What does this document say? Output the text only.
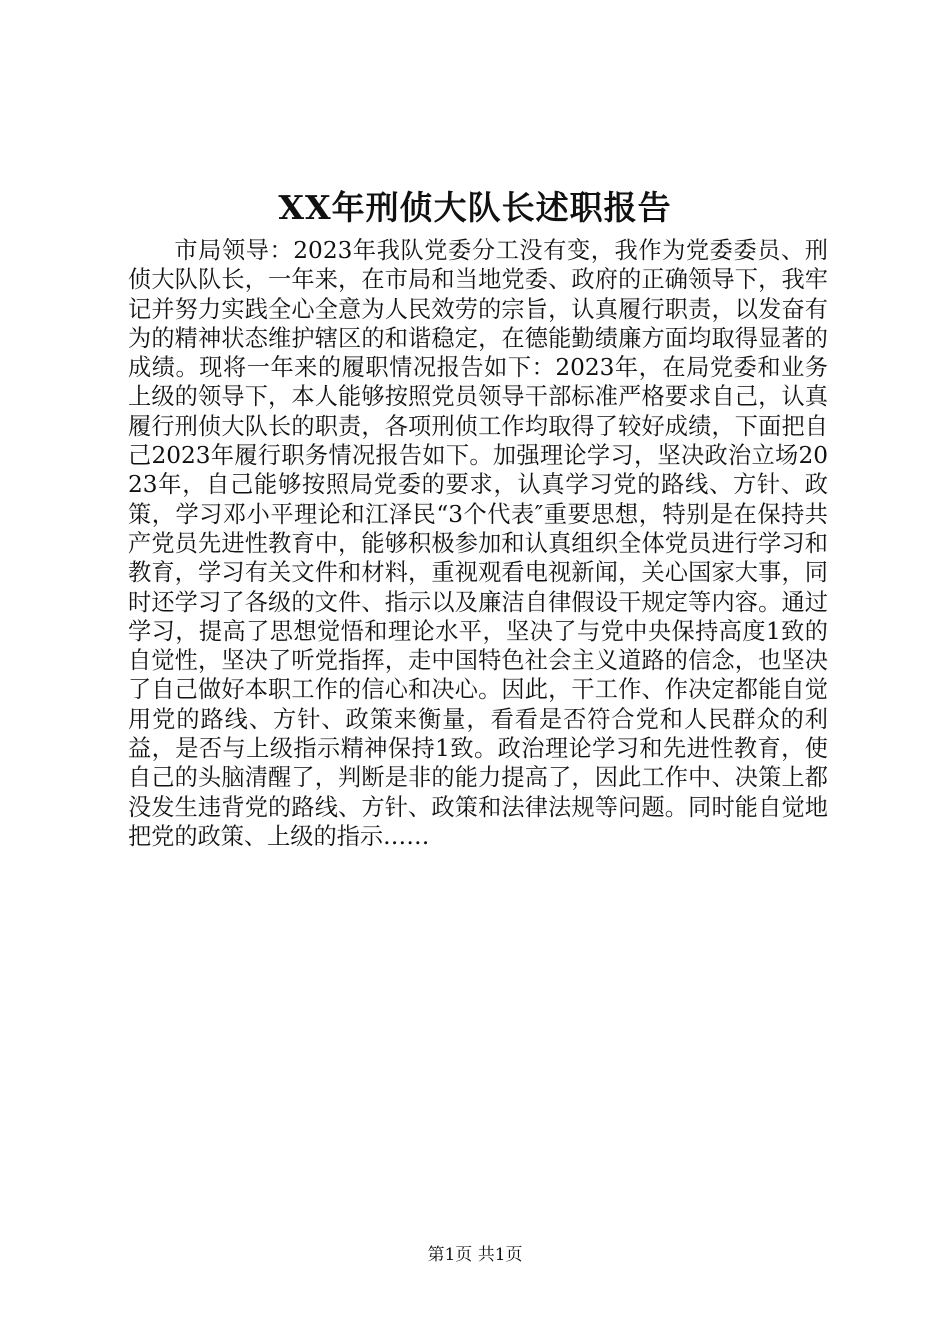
XX年刑侦大队长述职报告

市局领导：2023年我队党委分工没有变，我作为党委委员、刑侦大队队长，一年来，在市局和当地党委、政府的正确领导下，我牢记并努力实践全心全意为人民效劳的宗旨，认真履行职责，以发奋有为的精神状态维护辖区的和谐稳定，在德能勤绩廉方面均取得显著的成绩。现将一年来的履职情况报告如下：2023年，在局党委和业务上级的领导下，本人能够按照党员领导干部标准严格要求自己，认真履行刑侦大队长的职责，各项刑侦工作均取得了较好成绩，下面把自己2023年履行职务情况报告如下。加强理论学习，坚决政治立场2023年，自己能够按照局党委的要求，认真学习党的路线、方针、政策，学习邓小平理论和江泽民“3个代表″重要思想，特别是在保持共产党员先进性教育中，能够积极参加和认真组织全体党员进行学习和教育，学习有关文件和材料，重视观看电视新闻，关心国家大事，同时还学习了各级的文件、指示以及廉洁自律假设干规定等内容。通过学习，提高了思想觉悟和理论水平，坚决了与党中央保持高度1致的自觉性，坚决了听党指挥，走中国特色社会主义道路的信念，也坚决了自己做好本职工作的信心和决心。因此，干工作、作决定都能自觉用党的路线、方针、政策来衡量，看看是否符合党和人民群众的利益，是否与上级指示精神保持1致。政治理论学习和先进性教育，使自己的头脑清醒了，判断是非的能力提高了，因此工作中、决策上都没发生违背党的路线、方针、政策和法律法规等问题。同时能自觉地把党的政策、上级的指示……

第1页 共1页
